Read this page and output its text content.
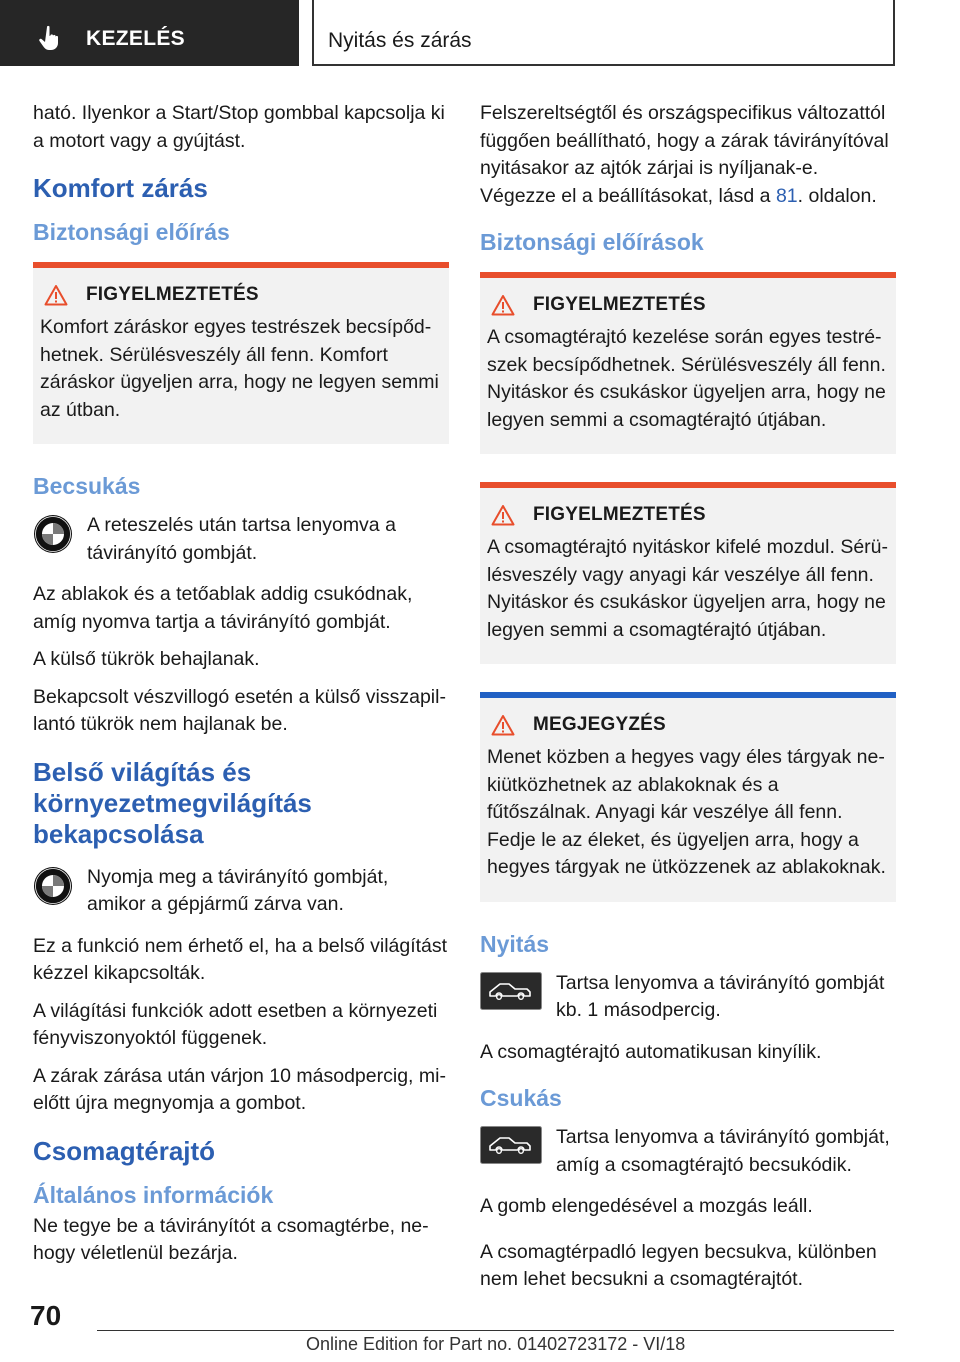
KEZELÉS	Nyitás és zárás

ható. Ilyenkor a Start/Stop gombbal kapcsolja ki a motort vagy a gyújtást.

Komfort zárás
Biztonsági előírás
FIGYELMEZTETÉS

Komfort záráskor egyes testrészek becsípődhetnek. Sérülésveszély áll fenn. Komfort záráskor ügyeljen arra, hogy ne legyen semmi az útban.

Becsukás

A reteszelés után tartsa lenyomva a távirányító gombját.

Az ablakok és a tetőablak addig csukódnak, amíg nyomva tartja a távirányító gombját.

A külső tükrök behajlanak.

Bekapcsolt vészvillogó esetén a külső visszapillantó tükrök nem hajlanak be.

Belső világítás és környezetmegvilágítás bekapcsolása

Nyomja meg a távirányító gombját, amikor a gépjármű zárva van.

Ez a funkció nem érhető el, ha a belső világítást kézzel kikapcsolták.

A világítási funkciók adott esetben a környezeti fényviszonyoktól függenek.

A zárak zárása után várjon 10 másodpercig, mielőtt újra megnyomja a gombot.

Csomagtérajtó
Általános információk

Ne tegye be a távirányítót a csomagtérbe, nehogy véletlenül bezárja.

Felszereltségtől és országspecifikus változattól függően beállítható, hogy a zárak távirányítóval nyitásakor az ajtók zárjai is nyíljanak-e. Végezze el a beállításokat, lásd a 81. oldalon.

Biztonsági előírások
FIGYELMEZTETÉS

A csomagtérajtó kezelése során egyes testrészek becsípődhetnek. Sérülésveszély áll fenn. Nyitáskor és csukáskor ügyeljen arra, hogy ne legyen semmi a csomagtérajtó útjában.

FIGYELMEZTETÉS

A csomagtérajtó nyitáskor kifelé mozdul. Sérülésveszély vagy anyagi kár veszélye áll fenn. Nyitáskor és csukáskor ügyeljen arra, hogy ne legyen semmi a csomagtérajtó útjában.

MEGJEGYZÉS

Menet közben a hegyes vagy éles tárgyak nekiütközhetnek az ablakoknak és a fűtőszálnak. Anyagi kár veszélye áll fenn. Fedje le az éleket, és ügyeljen arra, hogy a hegyes tárgyak ne ütközzenek az ablakoknak.

Nyitás

Tartsa lenyomva a távirányító gombját kb. 1 másodpercig.

A csomagtérajtó automatikusan kinyílik.

Csukás

Tartsa lenyomva a távirányító gombját, amíg a csomagtérajtó becsukódik.

A gomb elengedésével a mozgás leáll.

A csomagtérpadló legyen becsukva, különben nem lehet becsukni a csomagtérajtót.

70
Online Edition for Part no. 01402723172 - VI/18
